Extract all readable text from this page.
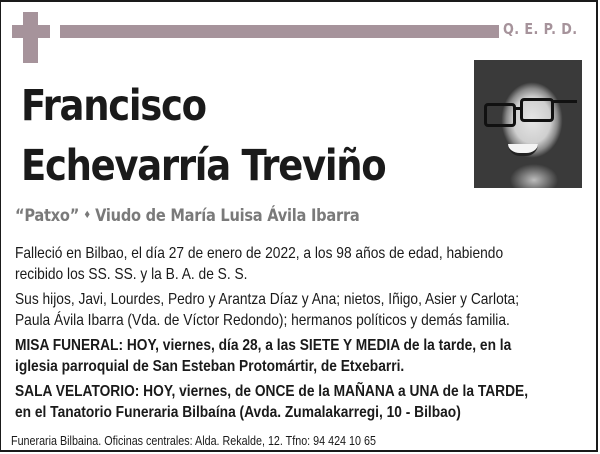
Q. E. P. D.
Francisco
Echevarría Treviño
“Patxo” ♦ Viudo de María Luisa Ávila Ibarra
Falleció en Bilbao, el día 27 de enero de 2022, a los 98 años de edad, habiendo
recibido los SS. SS. y la B. A. de S. S.
Sus hijos, Javi, Lourdes, Pedro y Arantza Díaz y Ana; nietos, Iñigo, Asier y Carlota;
Paula Ávila Ibarra (Vda. de Víctor Redondo); hermanos políticos y demás familia.
MISA FUNERAL: HOY, viernes, día 28, a las SIETE Y MEDIA de la tarde, en la
iglesia parroquial de San Esteban Protomártir, de Etxebarri.
SALA VELATORIO: HOY, viernes, de ONCE de la MAÑANA a UNA de la TARDE,
en el Tanatorio Funeraria Bilbaína (Avda. Zumalakarregi, 10 - Bilbao)
Funeraria Bilbaina. Oficinas centrales: Alda. Rekalde, 12. Tfno: 94 424 10 65
